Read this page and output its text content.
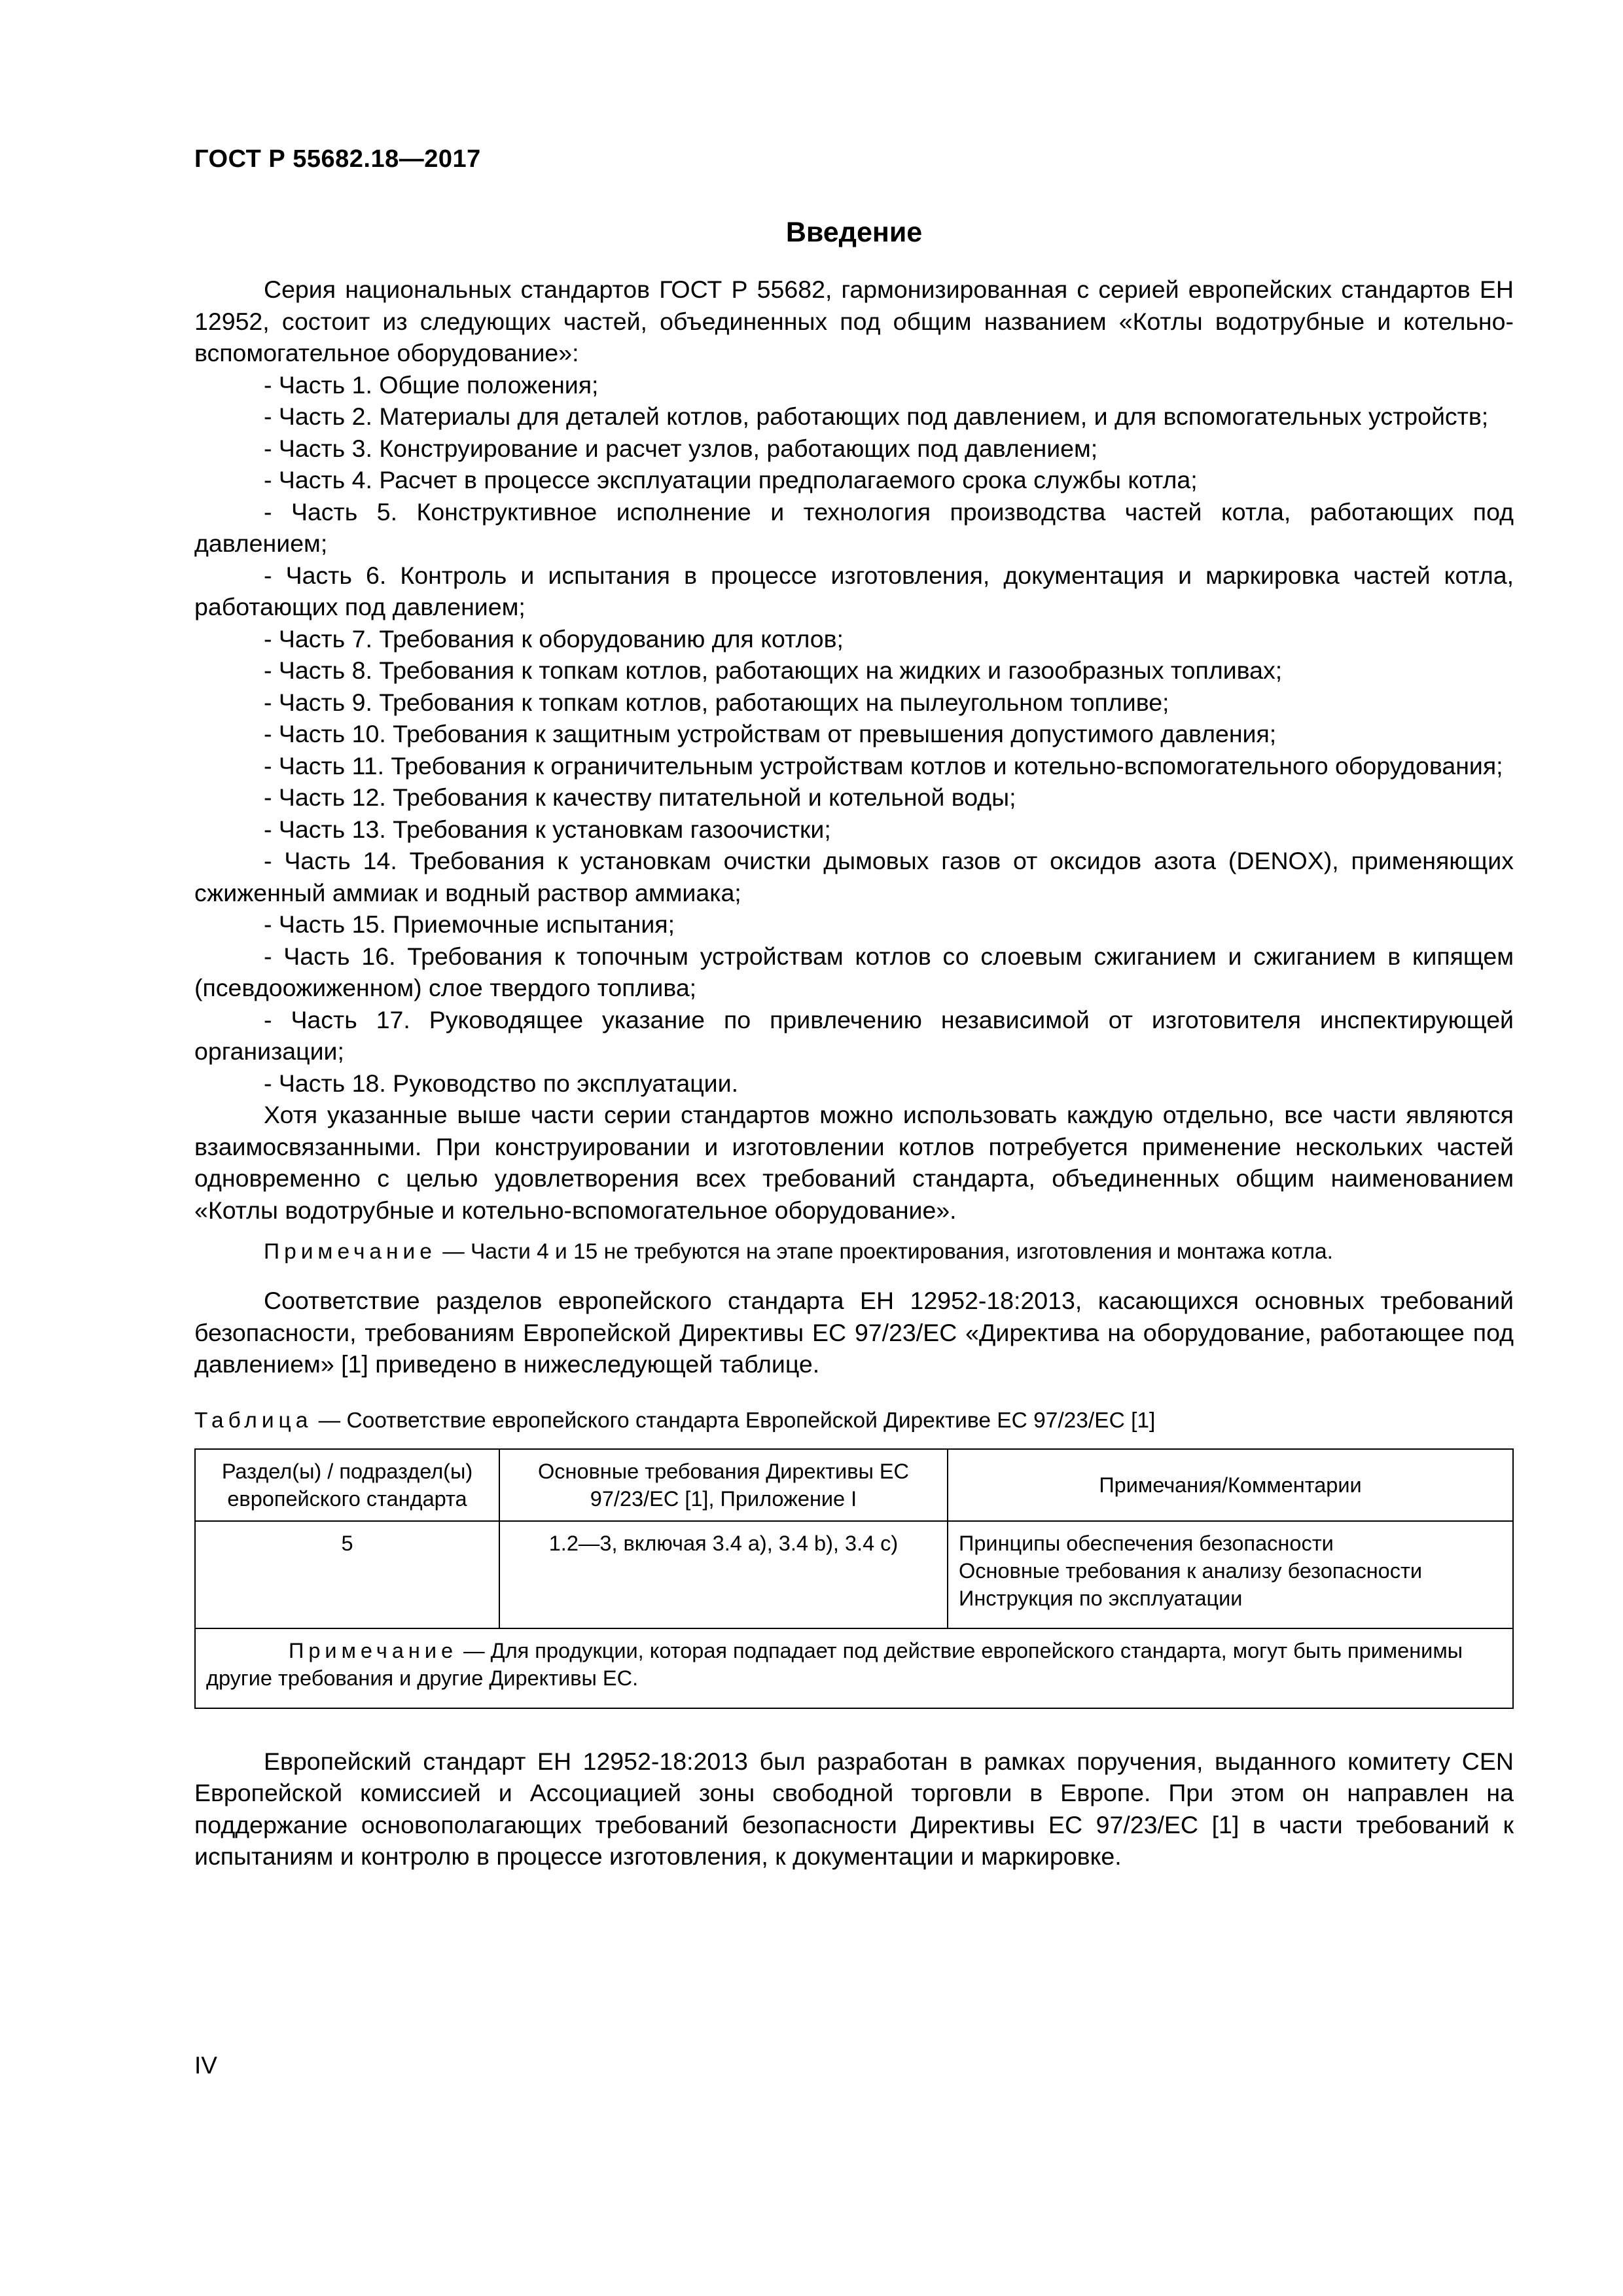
ГОСТ Р 55682.18—2017
Введение

Серия национальных стандартов ГОСТ Р 55682, гармонизированная с серией европейских стандартов ЕН 12952, состоит из следующих частей, объединенных под общим названием «Котлы водотрубные и котельно-вспомогательное оборудование»:

- Часть 1. Общие положения;

- Часть 2. Материалы для деталей котлов, работающих под давлением, и для вспомогательных устройств;

- Часть 3. Конструирование и расчет узлов, работающих под давлением;

- Часть 4. Расчет в процессе эксплуатации предполагаемого срока службы котла;

- Часть 5. Конструктивное исполнение и технология производства частей котла, работающих под давлением;

- Часть 6. Контроль и испытания в процессе изготовления, документация и маркировка частей котла, работающих под давлением;

- Часть 7. Требования к оборудованию для котлов;

- Часть 8. Требования к топкам котлов, работающих на жидких и газообразных топливах;

- Часть 9. Требования к топкам котлов, работающих на пылеугольном топливе;

- Часть 10. Требования к защитным устройствам от превышения допустимого давления;

- Часть 11. Требования к ограничительным устройствам котлов и котельно-вспомогательного оборудования;

- Часть 12. Требования к качеству питательной и котельной воды;

- Часть 13. Требования к установкам газоочистки;

- Часть 14. Требования к установкам очистки дымовых газов от оксидов азота (DENOX), применяющих сжиженный аммиак и водный раствор аммиака;

- Часть 15. Приемочные испытания;

- Часть 16. Требования к топочным устройствам котлов со слоевым сжиганием и сжиганием в кипящем (псевдоожиженном) слое твердого топлива;

- Часть 17. Руководящее указание по привлечению независимой от изготовителя инспектирующей организации;

- Часть 18. Руководство по эксплуатации.

Хотя указанные выше части серии стандартов можно использовать каждую отдельно, все части являются взаимосвязанными. При конструировании и изготовлении котлов потребуется применение нескольких частей одновременно с целью удовлетворения всех требований стандарта, объединенных общим наименованием «Котлы водотрубные и котельно-вспомогательное оборудование».

Примечание — Части 4 и 15 не требуются на этапе проектирования, изготовления и монтажа котла.

Соответствие разделов европейского стандарта ЕН 12952-18:2013, касающихся основных требований безопасности, требованиям Европейской Директивы ЕС 97/23/ЕС «Директива на оборудование, работающее под давлением» [1] приведено в нижеследующей таблице.

Таблица — Соответствие европейского стандарта Европейской Директиве ЕС 97/23/ЕС [1]
Раздел(ы) / подраздел(ы) европейского стандарта	Основные требования Директивы ЕС 97/23/ЕС [1], Приложение I	Примечания/Комментарии
5	1.2—3, включая 3.4 а), 3.4 b), 3.4 c)	Принципы обеспечения безопасности
Основные требования к анализу безопасности
Инструкция по эксплуатации

Примечание — Для продукции, которая подпадает под действие европейского стандарта, могут быть применимы другие требования и другие Директивы ЕС.		

Европейский стандарт ЕН 12952-18:2013 был разработан в рамках поручения, выданного комитету CEN Европейской комиссией и Ассоциацией зоны свободной торговли в Европе. При этом он направлен на поддержание основополагающих требований безопасности Директивы ЕС 97/23/ЕС [1] в части требований к испытаниям и контролю в процессе изготовления, к документации и маркировке.

IV
